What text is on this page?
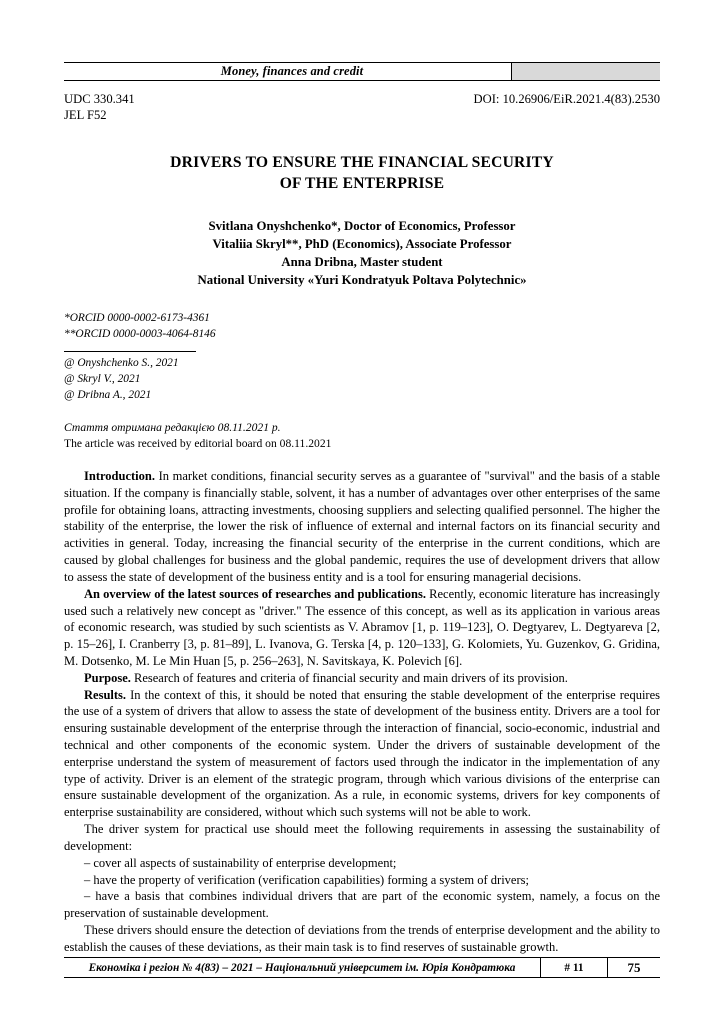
Money, finances and credit
UDC 330.341
JEL F52
DOI: 10.26906/EiR.2021.4(83).2530
DRIVERS TO ENSURE THE FINANCIAL SECURITY
OF THE ENTERPRISE
Svitlana Onyshchenko*, Doctor of Economics, Professor
Vitaliia Skryl**, PhD (Economics), Associate Professor
Anna Dribna, Master student
National University «Yuri Kondratyuk Poltava Polytechnic»
*ORCID 0000-0002-6173-4361
**ORCID 0000-0003-4064-8146
@ Onyshchenko S., 2021
@ Skryl V., 2021
@ Dribna A., 2021
Стаття отримана редакцією 08.11.2021 р.
The article was received by editorial board on 08.11.2021

Introduction. In market conditions, financial security serves as a guarantee of "survival" and the basis of a stable situation. If the company is financially stable, solvent, it has a number of advantages over other enterprises of the same profile for obtaining loans, attracting investments, choosing suppliers and selecting qualified personnel. The higher the stability of the enterprise, the lower the risk of influence of external and internal factors on its financial security and activities in general. Today, increasing the financial security of the enterprise in the current conditions, which are caused by global challenges for business and the global pandemic, requires the use of development drivers that allow to assess the state of development of the business entity and is a tool for ensuring managerial decisions.

An overview of the latest sources of researches and publications. Recently, economic literature has increasingly used such a relatively new concept as "driver." The essence of this concept, as well as its application in various areas of economic research, was studied by such scientists as V. Abramov [1, p. 119–123], O. Degtyarev, L. Degtyareva [2, p. 15–26], I. Cranberry [3, p. 81–89], L. Ivanova, G. Terska [4, p. 120–133], G. Kolomiets, Yu. Guzenkov, G. Gridina, M. Dotsenko, M. Le Min Huan [5, p. 256–263], N. Savitskaya, K. Polevich [6].

Purpose. Research of features and criteria of financial security and main drivers of its provision.

Results. In the context of this, it should be noted that ensuring the stable development of the enterprise requires the use of a system of drivers that allow to assess the state of development of the business entity. Drivers are a tool for ensuring sustainable development of the enterprise through the interaction of financial, socio-economic, industrial and technical and other components of the economic system. Under the drivers of sustainable development of the enterprise understand the system of measurement of factors used through the indicator in the implementation of any type of activity. Driver is an element of the strategic program, through which various divisions of the enterprise can ensure sustainable development of the organization. As a rule, in economic systems, drivers for key components of enterprise sustainability are considered, without which such systems will not be able to work.

The driver system for practical use should meet the following requirements in assessing the sustainability of development:

– cover all aspects of sustainability of enterprise development;

– have the property of verification (verification capabilities) forming a system of drivers;

– have a basis that combines individual drivers that are part of the economic system, namely, a focus on the preservation of sustainable development.

These drivers should ensure the detection of deviations from the trends of enterprise development and the ability to establish the causes of these deviations, as their main task is to find reserves of sustainable growth.

Економіка і регіон № 4(83) – 2021 – Національний університет ім. Юрія Кондратюка	# 11	75
